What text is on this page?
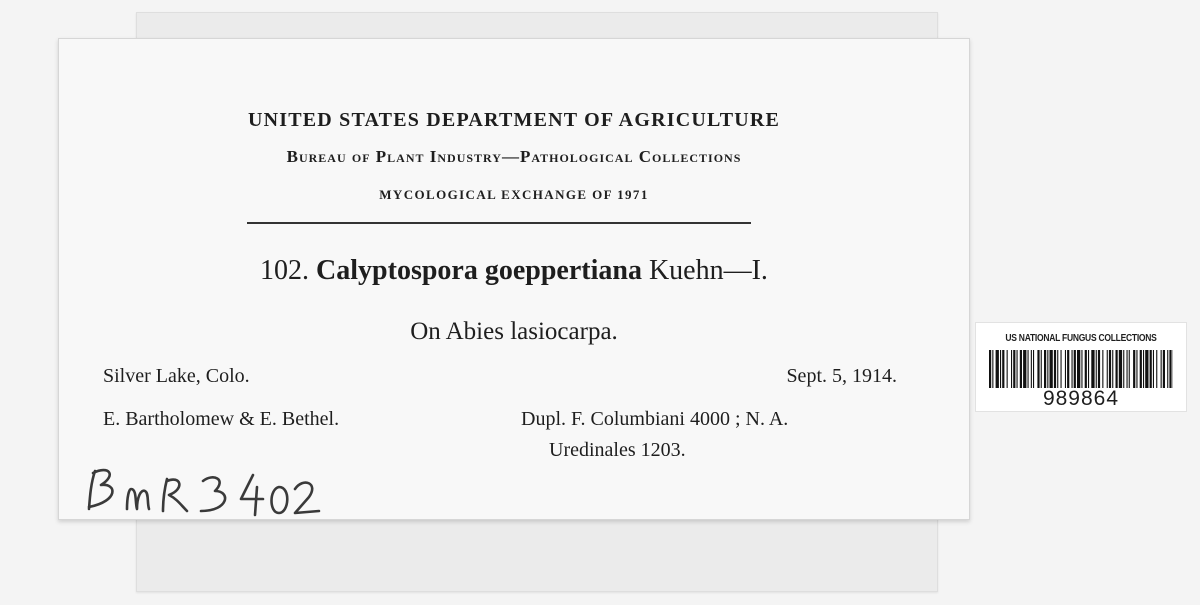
UNITED STATES DEPARTMENT OF AGRICULTURE
Bureau of Plant Industry—Pathological Collections
MYCOLOGICAL EXCHANGE OF 1971
102. Calyptospora goeppertiana Kuehn—I.
On Abies lasiocarpa.
Silver Lake, Colo.	Sept. 5, 1914.
E. Bartholomew & E. Bethel.	Dupl. F. Columbiani 4000 ; N. A.
Uredinales 1203.
US NATIONAL FUNGUS COLLECTIONS
989864
